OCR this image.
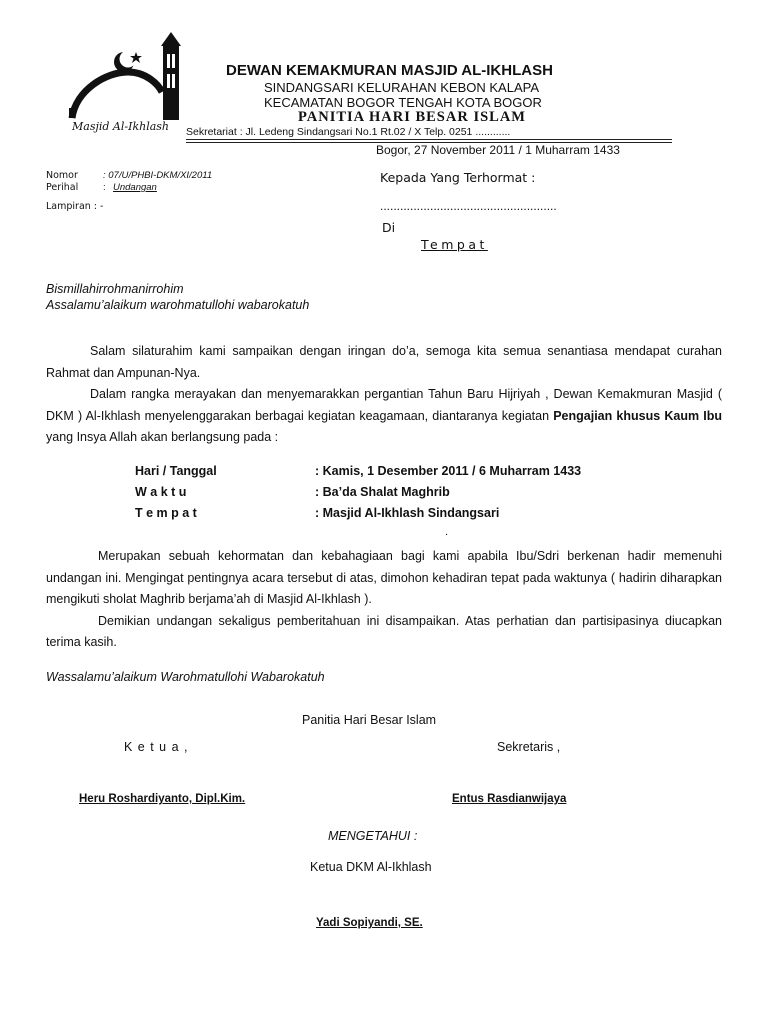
Masjid Al-Ikhlash
DEWAN KEMAKMURAN MASJID AL-IKHLASH
SINDANGSARI KELURAHAN KEBON KALAPA
KECAMATAN BOGOR TENGAH KOTA BOGOR
PANITIA HARI BESAR ISLAM
Sekretariat : Jl. Ledeng Sindangsari No.1 Rt.02 / X Telp. 0251 ............
Bogor, 27 November 2011 / 1 Muharram 1433
Nomor	: 07/U/PHBI-DKM/XI/2011
Perihal	: Undangan
Lampiran : -
Kepada Yang Terhormat :
.....................................................
Di
Tempat
Bismillahirrohmanirrohim
Assalamu’alaikum warohmatullohi wabarokatuh

Salam silaturahim kami sampaikan dengan iringan do’a, semoga kita semua senantiasa mendapat curahan Rahmat dan Ampunan-Nya.

Dalam rangka merayakan dan menyemarakkan pergantian Tahun Baru Hijriyah , Dewan Kemakmuran Masjid ( DKM ) Al-Ikhlash menyelenggarakan berbagai kegiatan keagamaan, diantaranya kegiatan Pengajian khusus Kaum Ibu yang Insya Allah akan berlangsung pada :

Hari / Tanggal	: Kamis, 1 Desember 2011 / 6 Muharram 1433
W a k t u	: Ba’da Shalat Maghrib
T e m p a t	: Masjid Al-Ikhlash Sindangsari
.

Merupakan sebuah kehormatan dan kebahagiaan bagi kami apabila Ibu/Sdri berkenan hadir memenuhi undangan ini. Mengingat pentingnya acara tersebut di atas, dimohon kehadiran tepat pada waktunya ( hadirin diharapkan mengikuti sholat Maghrib berjama’ah di Masjid Al-Ikhlash ).

Demikian undangan sekaligus pemberitahuan ini disampaikan. Atas perhatian dan partisipasinya diucapkan terima kasih.

Wassalamu’alaikum Warohmatullohi Wabarokatuh
Panitia Hari Besar Islam
K e t u a ,	Sekretaris ,
Heru Roshardiyanto, Dipl.Kim.	Entus Rasdianwijaya
MENGETAHUI :
Ketua DKM Al-Ikhlash
Yadi Sopiyandi, SE.
